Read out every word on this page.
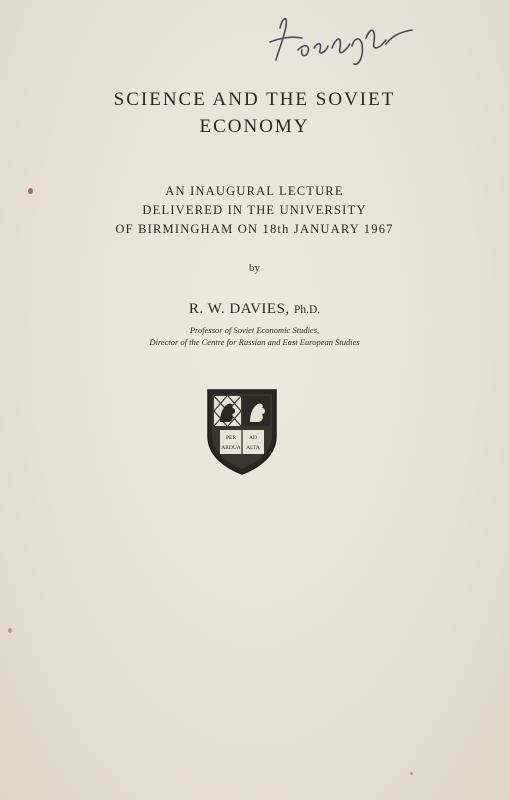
SCIENCE AND THE SOVIET
ECONOMY
AN INAUGURAL LECTURE
DELIVERED IN THE UNIVERSITY
OF BIRMINGHAM ON 18th JANUARY 1967
by
R. W. DAVIES, Ph.D.
Professor of Soviet Economic Studies,
Director of the Centre for Russian and East European Studies
PER
ARDUA
AD
ALTA
